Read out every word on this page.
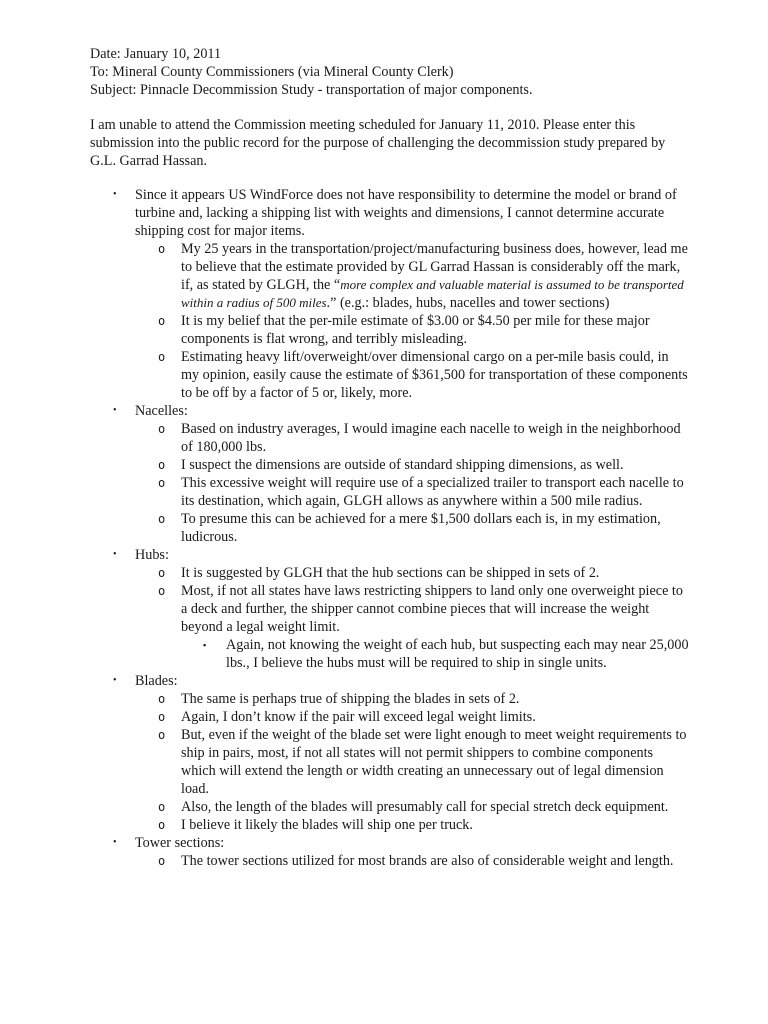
Date: January 10, 2011
To: Mineral County Commissioners (via Mineral County Clerk)
Subject: Pinnacle Decommission Study - transportation of major components.

I am unable to attend the Commission meeting scheduled for January 11, 2010. Please enter this submission into the public record for the purpose of challenging the decommission study prepared by G.L. Garrad Hassan.

• Since it appears US WindForce does not have responsibility to determine the model or brand of turbine and, lacking a shipping list with weights and dimensions, I cannot determine accurate shipping cost for major items.
o My 25 years in the transportation/project/manufacturing business does, however, lead me to believe that the estimate provided by GL Garrad Hassan is considerably off the mark, if, as stated by GLGH, the “more complex and valuable material is assumed to be transported within a radius of 500 miles.” (e.g.: blades, hubs, nacelles and tower sections)
o It is my belief that the per-mile estimate of $3.00 or $4.50 per mile for these major components is flat wrong, and terribly misleading.
o Estimating heavy lift/overweight/over dimensional cargo on a per-mile basis could, in my opinion, easily cause the estimate of $361,500 for transportation of these components to be off by a factor of 5 or, likely, more.
• Nacelles:
o Based on industry averages, I would imagine each nacelle to weigh in the neighborhood of 180,000 lbs.
o I suspect the dimensions are outside of standard shipping dimensions, as well.
o This excessive weight will require use of a specialized trailer to transport each nacelle to its destination, which again, GLGH allows as anywhere within a 500 mile radius.
o To presume this can be achieved for a mere $1,500 dollars each is, in my estimation, ludicrous.
• Hubs:
o It is suggested by GLGH that the hub sections can be shipped in sets of 2.
o Most, if not all states have laws restricting shippers to land only one overweight piece to a deck and further, the shipper cannot combine pieces that will increase the weight beyond a legal weight limit.
▪ Again, not knowing the weight of each hub, but suspecting each may near 25,000 lbs., I believe the hubs must will be required to ship in single units.
• Blades:
o The same is perhaps true of shipping the blades in sets of 2.
o Again, I don’t know if the pair will exceed legal weight limits.
o But, even if the weight of the blade set were light enough to meet weight requirements to ship in pairs, most, if not all states will not permit shippers to combine components which will extend the length or width creating an unnecessary out of legal dimension load.
o Also, the length of the blades will presumably call for special stretch deck equipment.
o I believe it likely the blades will ship one per truck.
• Tower sections:
o The tower sections utilized for most brands are also of considerable weight and length.
